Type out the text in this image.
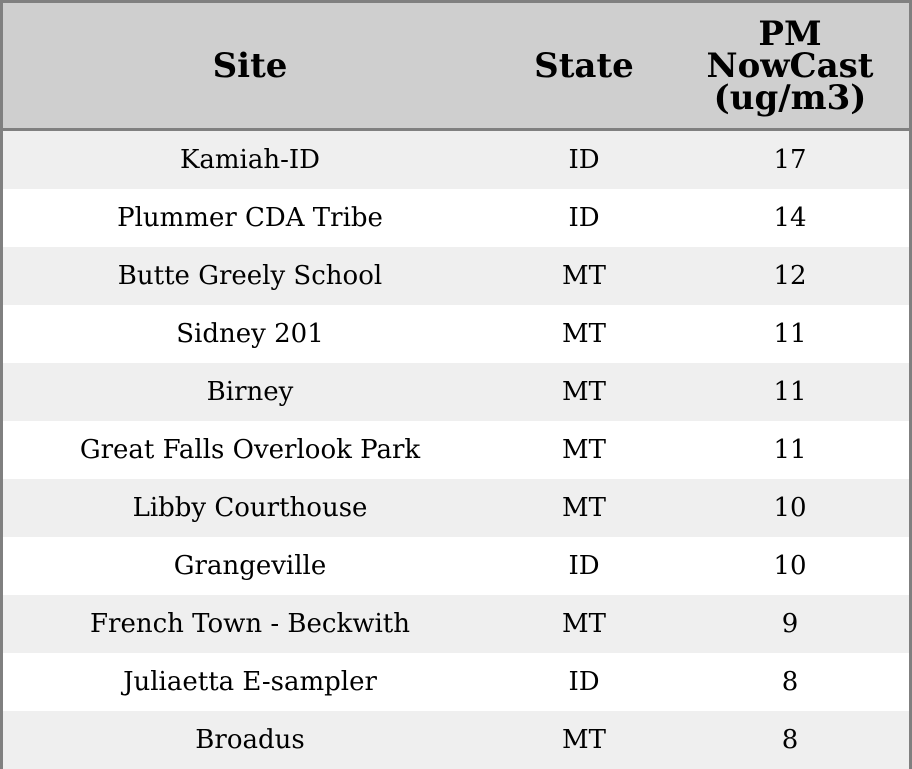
Site	State	PM
NowCast
(ug/m3)

Kamiah-ID	ID	17
Plummer CDA Tribe	ID	14
Butte Greely School	MT	12
Sidney 201	MT	11
Birney	MT	11
Great Falls Overlook Park	MT	11
Libby Courthouse	MT	10
Grangeville	ID	10
French Town - Beckwith	MT	9
Juliaetta E-sampler	ID	8
Broadus	MT	8
